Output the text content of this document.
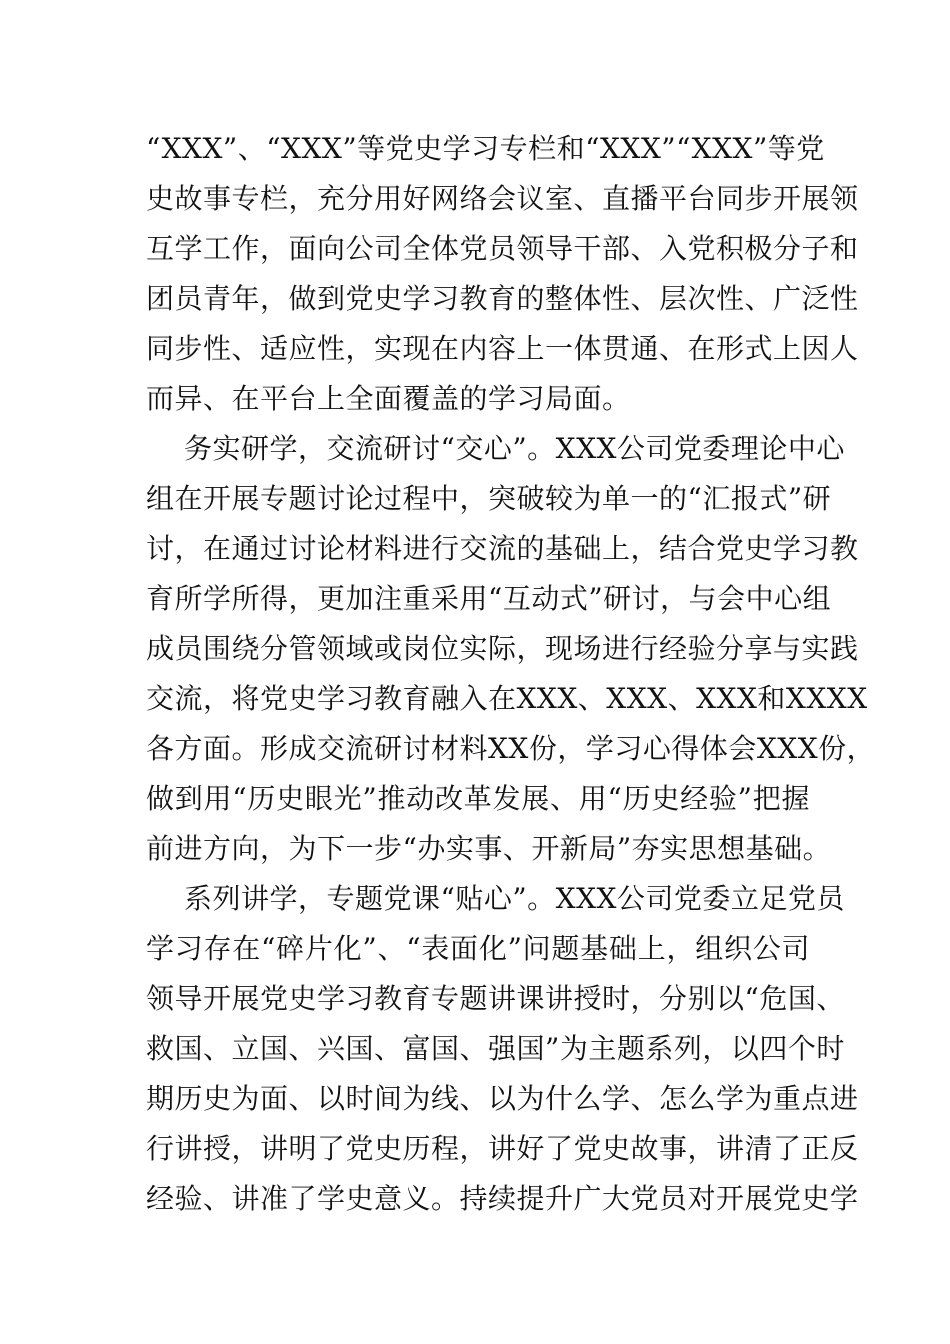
“XXX”、“XXX”等党史学习专栏和“XXX”“XXX”等党
史故事专栏，充分用好网络会议室、直播平台同步开展领
互学工作，面向公司全体党员领导干部、入党积极分子和
团员青年，做到党史学习教育的整体性、层次性、广泛性
同步性、适应性，实现在内容上一体贯通、在形式上因人
而异、在平台上全面覆盖的学习局面。
务实研学，交流研讨“交心”。XXX公司党委理论中心
组在开展专题讨论过程中，突破较为单一的“汇报式”研
讨，在通过讨论材料进行交流的基础上，结合党史学习教
育所学所得，更加注重采用“互动式”研讨，与会中心组
成员围绕分管领域或岗位实际，现场进行经验分享与实践
交流，将党史学习教育融入在XXX、XXX、XXX和XXXX
各方面。形成交流研讨材料XX份，学习心得体会XXX份，
做到用“历史眼光”推动改革发展、用“历史经验”把握
前进方向，为下一步“办实事、开新局”夯实思想基础。
系列讲学，专题党课“贴心”。XXX公司党委立足党员
学习存在“碎片化”、“表面化”问题基础上，组织公司
领导开展党史学习教育专题讲课讲授时，分别以“危国、
救国、立国、兴国、富国、强国”为主题系列，以四个时
期历史为面、以时间为线、以为什么学、怎么学为重点进
行讲授，讲明了党史历程，讲好了党史故事，讲清了正反
经验、讲准了学史意义。持续提升广大党员对开展党史学
